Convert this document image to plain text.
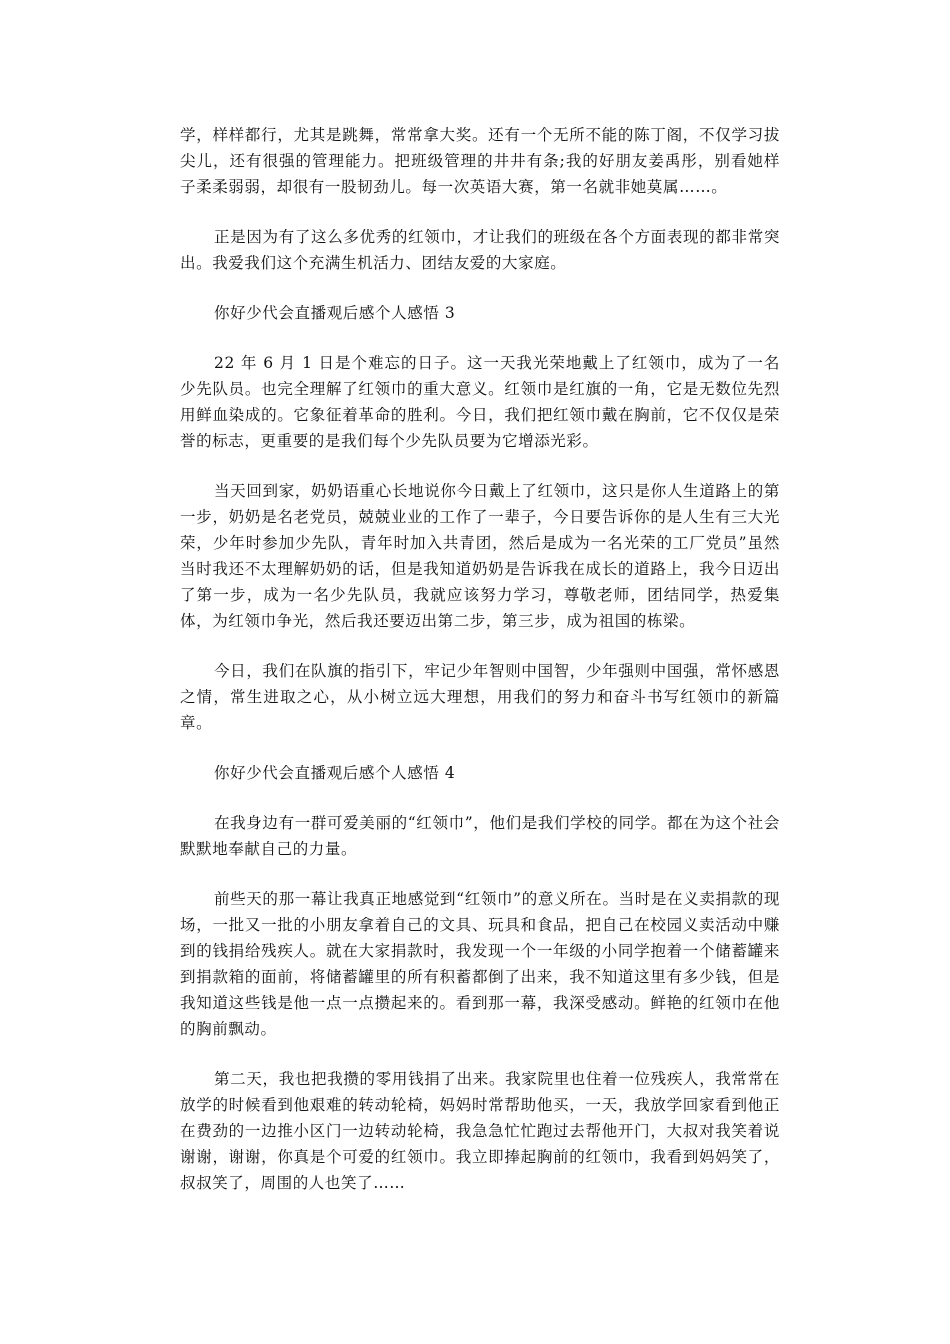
学，样样都行，尤其是跳舞，常常拿大奖。还有一个无所不能的陈丁阁，不仅学习拔尖儿，还有很强的管理能力。把班级管理的井井有条;我的好朋友姜禹彤，别看她样子柔柔弱弱，却很有一股韧劲儿。每一次英语大赛，第一名就非她莫属……。

正是因为有了这么多优秀的红领巾，才让我们的班级在各个方面表现的都非常突出。我爱我们这个充满生机活力、团结友爱的大家庭。

你好少代会直播观后感个人感悟 3

22 年 6 月 1 日是个难忘的日子。这一天我光荣地戴上了红领巾，成为了一名少先队员。也完全理解了红领巾的重大意义。红领巾是红旗的一角，它是无数位先烈用鲜血染成的。它象征着革命的胜利。今日，我们把红领巾戴在胸前，它不仅仅是荣誉的标志，更重要的是我们每个少先队员要为它增添光彩。

当天回到家，奶奶语重心长地说你今日戴上了红领巾，这只是你人生道路上的第一步，奶奶是名老党员，兢兢业业的工作了一辈子，今日要告诉你的是人生有三大光荣，少年时参加少先队，青年时加入共青团，然后是成为一名光荣的工厂党员”虽然当时我还不太理解奶奶的话，但是我知道奶奶是告诉我在成长的道路上，我今日迈出了第一步，成为一名少先队员，我就应该努力学习，尊敬老师，团结同学，热爱集体，为红领巾争光，然后我还要迈出第二步，第三步，成为祖国的栋梁。

今日，我们在队旗的指引下，牢记少年智则中国智，少年强则中国强，常怀感恩之情，常生进取之心，从小树立远大理想，用我们的努力和奋斗书写红领巾的新篇章。

你好少代会直播观后感个人感悟 4

在我身边有一群可爱美丽的“红领巾”，他们是我们学校的同学。都在为这个社会默默地奉献自己的力量。

前些天的那一幕让我真正地感觉到“红领巾”的意义所在。当时是在义卖捐款的现场，一批又一批的小朋友拿着自己的文具、玩具和食品，把自己在校园义卖活动中赚到的钱捐给残疾人。就在大家捐款时，我发现一个一年级的小同学抱着一个储蓄罐来到捐款箱的面前，将储蓄罐里的所有积蓄都倒了出来，我不知道这里有多少钱，但是我知道这些钱是他一点一点攒起来的。看到那一幕，我深受感动。鲜艳的红领巾在他的胸前飘动。

第二天，我也把我攒的零用钱捐了出来。我家院里也住着一位残疾人，我常常在放学的时候看到他艰难的转动轮椅，妈妈时常帮助他买，一天，我放学回家看到他正在费劲的一边推小区门一边转动轮椅，我急急忙忙跑过去帮他开门，大叔对我笑着说谢谢，谢谢，你真是个可爱的红领巾。我立即捧起胸前的红领巾，我看到妈妈笑了，叔叔笑了，周围的人也笑了……
